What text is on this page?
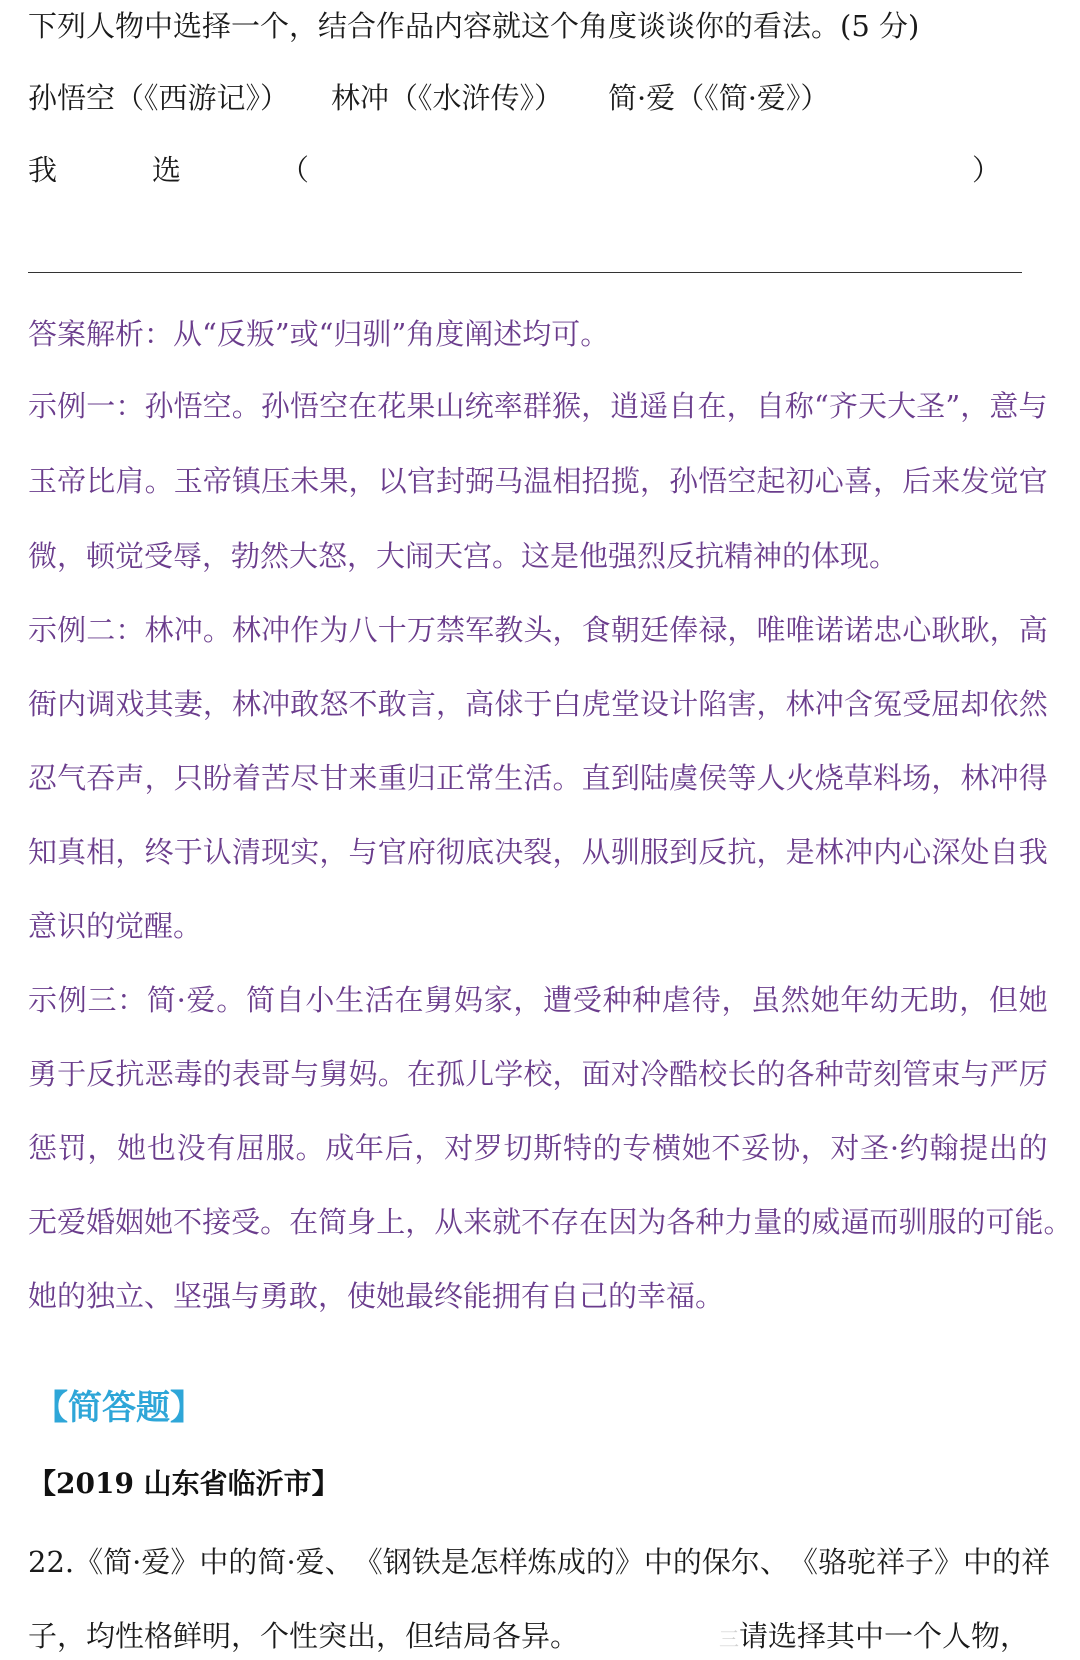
下列人物中选择一个，结合作品内容就这个角度谈谈你的看法。(5 分)
孙悟空（《西游记》） 林冲（《水浒传》） 简·爱（《简·爱》）
我	选	（	）
答案解析：从“反叛”或“归驯”角度阐述均可。
示 例 一 ： 孙 悟 空 。 孙 悟 空 在 花 果 山 统 率 群 猴 ， 逍 遥 自 在 ， 自 称 “ 齐 天 大 圣 ” ， 意 与
玉 帝 比 肩 。 玉 帝 镇 压 未 果 ， 以 官 封 弼 马 温 相 招 揽 ， 孙 悟 空 起 初 心 喜 ， 后 来 发 觉 官
微，顿觉受辱，勃然大怒，大闹天宫。这是他强烈反抗精神的体现。
示 例 二 ： 林 冲 。 林 冲 作 为 八 十 万 禁 军 教 头 ， 食 朝 廷 俸 禄 ， 唯 唯 诺 诺 忠 心 耿 耿 ， 高
衙 内 调 戏 其 妻 ， 林 冲 敢 怒 不 敢 言 ， 高 俅 于 白 虎 堂 设 计 陷 害 ， 林 冲 含 冤 受 屈 却 依 然
忍 气 吞 声 ， 只 盼 着 苦 尽 甘 来 重 归 正 常 生 活 。 直 到 陆 虞 侯 等 人 火 烧 草 料 场 ， 林 冲 得
知 真 相 ， 终 于 认 清 现 实 ， 与 官 府 彻 底 决 裂 ， 从 驯 服 到 反 抗 ， 是 林 冲 内 心 深 处 自 我
意识的觉醒。
示 例 三 ： 简 · 爱 。 简 自 小 生 活 在 舅 妈 家 ， 遭 受 种 种 虐 待 ， 虽 然 她 年 幼 无 助 ， 但 她
勇 于 反 抗 恶 毒 的 表 哥 与 舅 妈 。 在 孤 儿 学 校 ， 面 对 冷 酷 校 长 的 各 种 苛 刻 管 束 与 严 厉
惩 罚 ， 她 也 没 有 屈 服 。 成 年 后 ， 对 罗 切 斯 特 的 专 横 她 不 妥 协 ， 对 圣 · 约 翰 提 出 的
无 爱 婚 姻 她 不 接 受 。 在 简 身 上 ， 从 来 就 不 存 在 因 为 各 种 力 量 的 威 逼 而 驯 服 的 可 能 。
她的独立、坚强与勇敢，使她最终能拥有自己的幸福。
【简答题】
【2019 山东省临沂市】
2 2 . 《 简 · 爱 》 中 的 简 · 爱 、 《 钢 铁 是 怎 样 炼 成 的 》 中 的 保 尔 、 《 骆 驼 祥 子 》 中 的 祥
子，均性格鲜明，个性突出，但结局各异。	三请选择其中一个人物，
